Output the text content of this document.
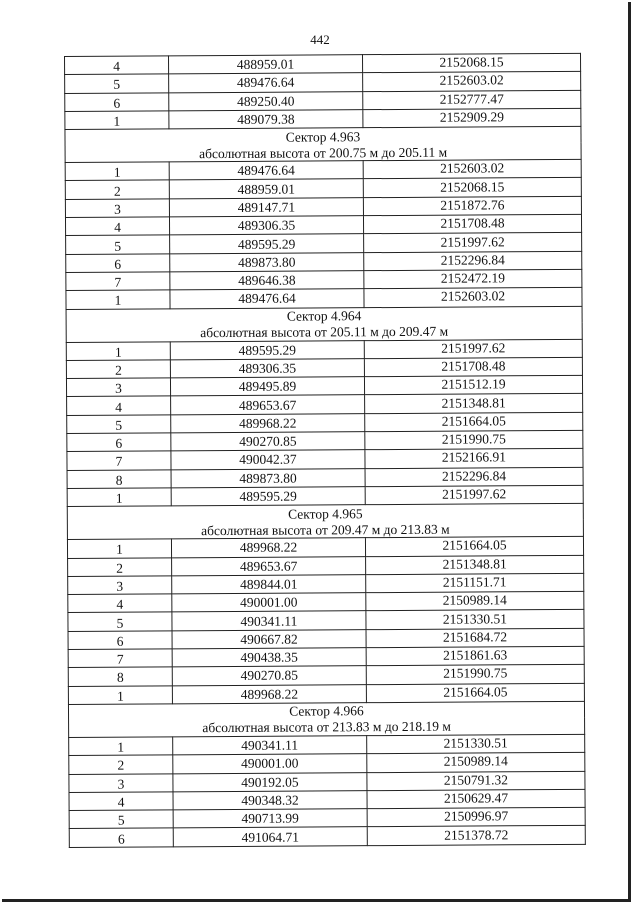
442
4	488959.01	2152068.15
5	489476.64	2152603.02
6	489250.40	2152777.47
1	489079.38	2152909.29
Сектор 4.963		
абсолютная высота от 200.75 м до 205.11 м		
1	489476.64	2152603.02
2	488959.01	2152068.15
3	489147.71	2151872.76
4	489306.35	2151708.48
5	489595.29	2151997.62
6	489873.80	2152296.84
7	489646.38	2152472.19
1	489476.64	2152603.02
Сектор 4.964		
абсолютная высота от 205.11 м до 209.47 м		
1	489595.29	2151997.62
2	489306.35	2151708.48
3	489495.89	2151512.19
4	489653.67	2151348.81
5	489968.22	2151664.05
6	490270.85	2151990.75
7	490042.37	2152166.91
8	489873.80	2152296.84
1	489595.29	2151997.62
Сектор 4.965		
абсолютная высота от 209.47 м до 213.83 м		
1	489968.22	2151664.05
2	489653.67	2151348.81
3	489844.01	2151151.71
4	490001.00	2150989.14
5	490341.11	2151330.51
6	490667.82	2151684.72
7	490438.35	2151861.63
8	490270.85	2151990.75
1	489968.22	2151664.05
Сектор 4.966		
абсолютная высота от 213.83 м до 218.19 м		
1	490341.11	2151330.51
2	490001.00	2150989.14
3	490192.05	2150791.32
4	490348.32	2150629.47
5	490713.99	2150996.97
6	491064.71	2151378.72
